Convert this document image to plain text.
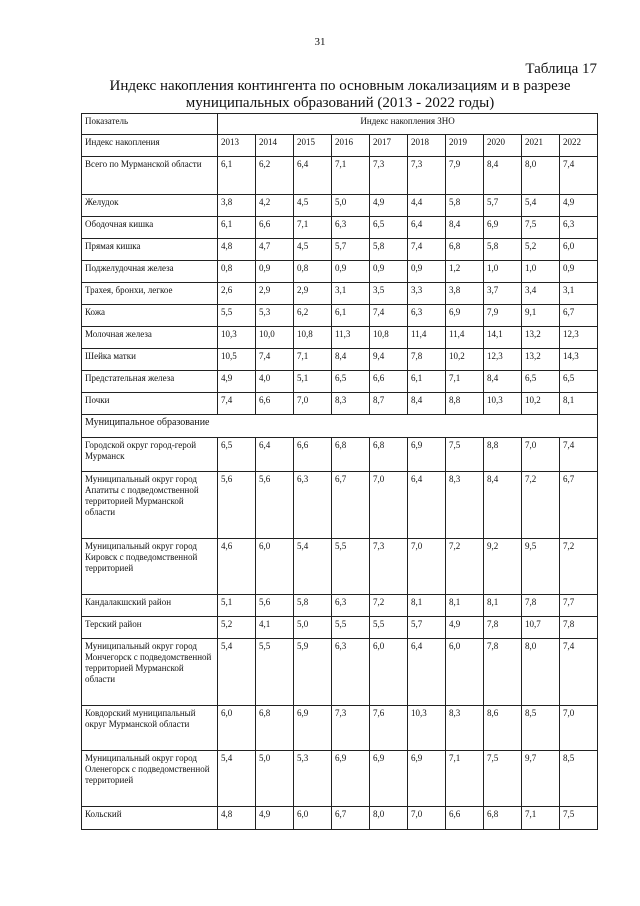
31
Таблица 17
Индекс накопления контингента по основным локализациям и в разрезе
муниципальных образований (2013 - 2022 годы)
Показатель	Индекс накопления ЗНО									
Индекс накопления	2013	2014	2015	2016	2017	2018	2019	2020	2021	2022
Всего по Мурманской области	6,1	6,2	6,4	7,1	7,3	7,3	7,9	8,4	8,0	7,4
Желудок	3,8	4,2	4,5	5,0	4,9	4,4	5,8	5,7	5,4	4,9
Ободочная кишка	6,1	6,6	7,1	6,3	6,5	6,4	8,4	6,9	7,5	6,3
Прямая кишка	4,8	4,7	4,5	5,7	5,8	7,4	6,8	5,8	5,2	6,0
Поджелудочная железа	0,8	0,9	0,8	0,9	0,9	0,9	1,2	1,0	1,0	0,9
Трахея, бронхи, легкое	2,6	2,9	2,9	3,1	3,5	3,3	3,8	3,7	3,4	3,1
Кожа	5,5	5,3	6,2	6,1	7,4	6,3	6,9	7,9	9,1	6,7
Молочная железа	10,3	10,0	10,8	11,3	10,8	11,4	11,4	14,1	13,2	12,3
Шейка матки	10,5	7,4	7,1	8,4	9,4	7,8	10,2	12,3	13,2	14,3
Предстательная железа	4,9	4,0	5,1	6,5	6,6	6,1	7,1	8,4	6,5	6,5
Почки	7,4	6,6	7,0	8,3	8,7	8,4	8,8	10,3	10,2	8,1
Муниципальное образование										
Городской округ город-герой Мурманск	6,5	6,4	6,6	6,8	6,8	6,9	7,5	8,8	7,0	7,4
Муниципальный округ город Апатиты с подведомственной территорией Мурманской области	5,6	5,6	6,3	6,7	7,0	6,4	8,3	8,4	7,2	6,7
Муниципальный округ город Кировск с подведомственной территорией	4,6	6,0	5,4	5,5	7,3	7,0	7,2	9,2	9,5	7,2
Кандалакшский район	5,1	5,6	5,8	6,3	7,2	8,1	8,1	8,1	7,8	7,7
Терский район	5,2	4,1	5,0	5,5	5,5	5,7	4,9	7,8	10,7	7,8
Муниципальный округ город Мончегорск с подведомственной территорией Мурманской области	5,4	5,5	5,9	6,3	6,0	6,4	6,0	7,8	8,0	7,4
Ковдорский муниципальный округ Мурманской области	6,0	6,8	6,9	7,3	7,6	10,3	8,3	8,6	8,5	7,0
Муниципальный округ город Оленегорск с подведомственной территорией	5,4	5,0	5,3	6,9	6,9	6,9	7,1	7,5	9,7	8,5
Кольский	4,8	4,9	6,0	6,7	8,0	7,0	6,6	6,8	7,1	7,5
